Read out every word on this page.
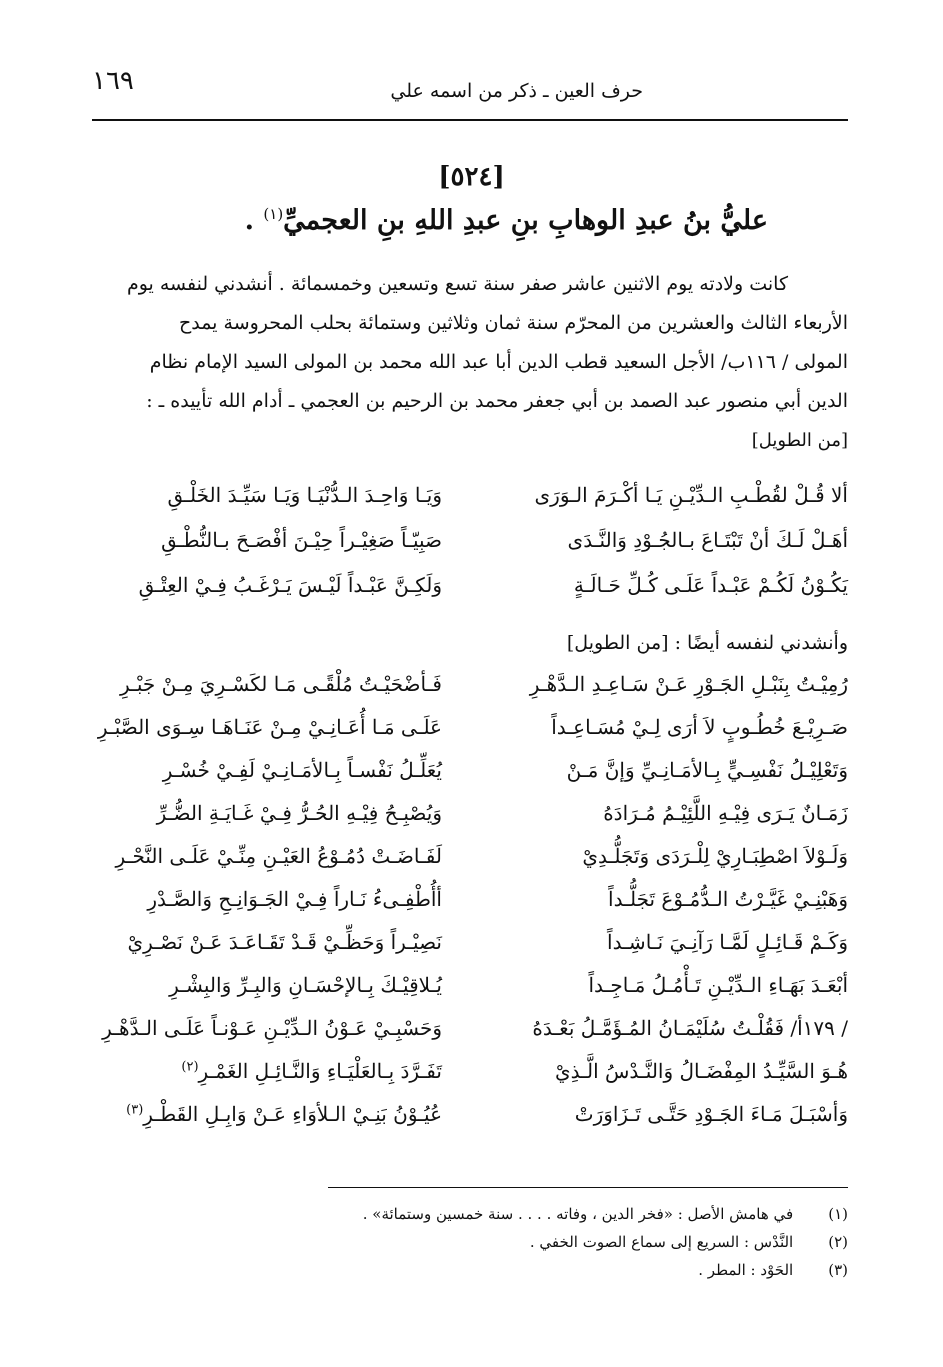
١٦٩	حرف العين ـ ذكر من اسمه علي
[٥٢٤]
عليُّ بنُ عبدِ الوهابِ بنِ عبدِ اللهِ بنِ العجميِّ$^{(١)}$ .

كانت ولادته يوم الاثنين عاشر صفر سنة تسع وتسعين وخمسمائة . أنشدني لنفسه يوم

الأربعاء الثالث والعشرين من المحرّم سنة ثمان وثلاثين وستمائة بحلب المحروسة يمدح

المولى / ١١٦ب/ الأجل السعيد قطب الدين أبا عبد الله محمد بن المولى السيد الإمام نظام

الدين أبي منصور عبد الصمد بن أبي جعفر محمد بن الرحيم بن العجمي ـ أدام الله تأييده ـ :

[من الطويل]
ألا قُـلْ لقُطْـبِ الـدِّيْـنِ يَـا أكْـرَمَ الـوَرَى
وَيَـا وَاحِـدَ الـدُّنْيَـا وَيَـا سَيِّـدَ الخَلْـقِ
أهَـلْ لَـكَ أنْ تَبْتَـاعَ بـالجُـوْدِ وَالنَّـدَى
صَبِيّـاً صَغِيْـراً حِيْـنَ أفْصَـحَ بـالنُّطْـقِ
يَكُـوْنُ لَكُـمْ عَبْـداً عَلَـى كُـلِّ حَـالَـةٍ
وَلَكِـنَّ عَبْـداً لَيْـسَ يَـرْغَـبُ فِـيْ العِتْـقِ
وأنشدني لنفسه أيضًا : [من الطويل]
رُمِيْـتُ بِنَبْـلِ الجَـوْرِ عَـنْ سَـاعِـدِ الـدَّهْـرِ
فَـأضْحَيْـتُ مُلْقًـى مَـا لكَسْـرِيَ مِـنْ جَبْـرِ
صَـرِيْـعَ خُطُـوبٍ لاَ أرَى لِـيْ مُسَـاعِـداً
عَلَـى مَـا أُعَـانِـيْ مِـنْ عَنَـاهَـا سِـوَى الصَّبْـرِ
وَتَعْلِيْـلُ نَفْسِـيٍّ بِـالأمَـانِـيِّ وَإنَّ مَـنْ
يُعَلِّـلُ نَفْسـاً بِـالأمَـانِـيْ لَفِـيْ خُسْـرِ
زَمَـانٌ يَـرَى فِيْـهِ اللَّئِيْـمُ مُـرَادَهُ
وَيُصْبِـحُ فِيْـهِ الحُـرُّ فِـيْ غَـايَـةِ الضُّـرِّ
وَلَـوْلاَ اصْطِبَـارِيْ لِلْـرَدَى وَتَجَلُّـدِيْ
لَفَـاضَـتْ دُمُـوْعُ العَيْـنِ مِنِّـيْ عَلَـى النَّحْـرِ
وَهَبْنِـيْ غَيَّـرْتُ الـدُّمُـوْعَ تَجَلُّـداً
أأُطْفِـىءُ نَـاراً فِـيْ الجَـوَانِـحِ وَالصَّـدْرِ
وَكَـمْ قَـائِـلٍ لَمَّـا رَآنِـيَ نَـاشِـداً
نَصِيْـراً وَحَظِّـيْ قَـدْ تَقَـاعَـدَ عَـنْ نَصْـرِيْ
أبْعَـدَ بَهَـاءِ الـدِّيْـنِ تَـأْمُـلُ مَـاجِـداً
يُـلاقِيْـكَ بِـالإحْسَـانِ وَالبِـرِّ وَالبِشْـرِ
/ ١٧٩أ/ فَقُلْـتُ سُلَيْمَـانُ المُـؤَمَّـلُ بَعْـدَهُ
وَحَسْبِـيْ عَـوْنُ الـدِّيْـنِ عَـوْنـاً عَلَـى الـدَّهْـرِ
هُـوَ السَّيِّـدُ المِفْضَـالُ وَالنَّـدْسُ الَّـذِيْ
تَفَـرَّدَ بِـالعَلْيَـاءِ وَالنَّـائِـلِ الغَمْـرِ$^{(٢)}$
وَأسْبَـلَ مَـاءَ الجَـوْدِ حَتَّـى تَـزَاوَرَتْ
عُيُـوْنُ بَنِـيْ الـلأوَاءِ عَـنْ وَابِـلِ القَطْـرِ$^{(٣)}$
(١) في هامش الأصل : «فخر الدين ، وفاته . . . . سنة خمسين وستمائة» .
(٢) النَّدْس : السريع إلى سماع الصوت الخفي .
(٣) الحَوْد : المطر .
